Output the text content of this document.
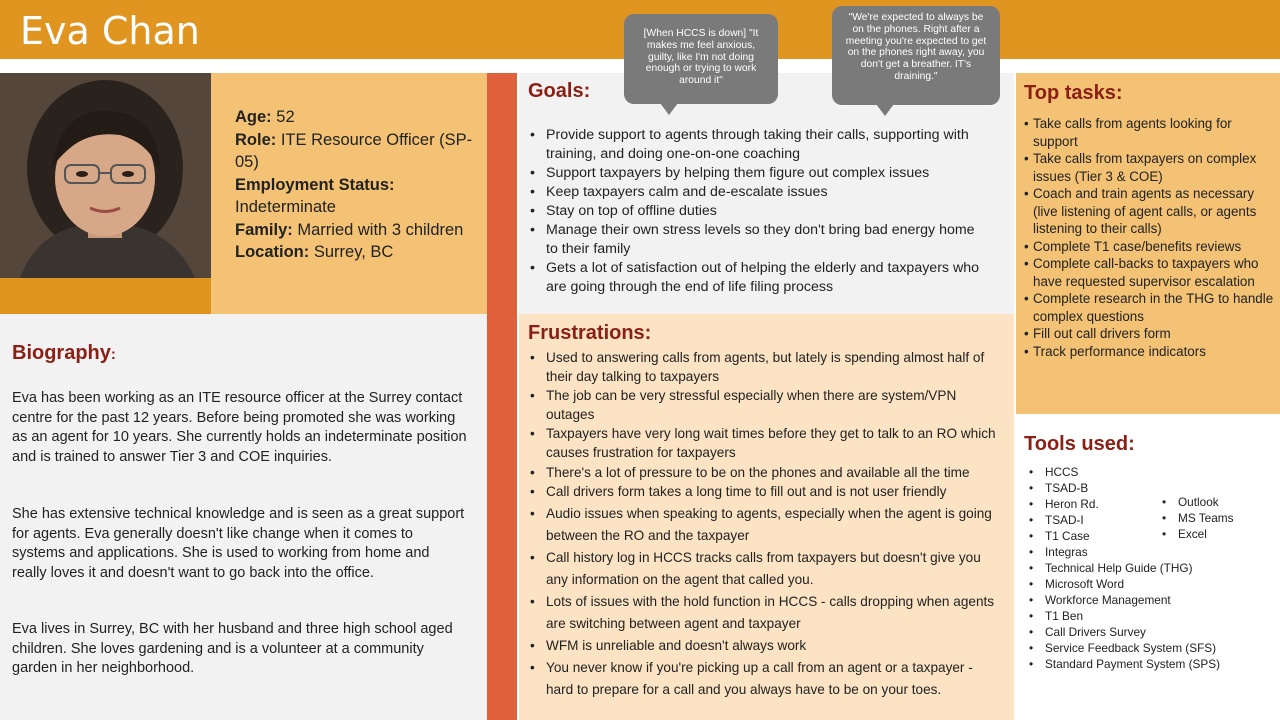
Eva Chan
Age: 52
Role: ITE Resource Officer (SP-05)
Employment Status: Indeterminate
Family: Married with 3 children
Location: Surrey, BC
Biography:
Eva has been working as an ITE resource officer at the Surrey contact centre for the past 12 years. Before being promoted she was working as an agent for 10 years. She currently holds an indeterminate position and is trained to answer Tier 3 and COE inquiries.
She has extensive technical knowledge and is seen as a great support for agents. Eva generally doesn't like change when it comes to systems and applications. She is used to working from home and really loves it and doesn't want to go back into the office.
Eva lives in Surrey, BC with her husband and three high school aged children. She loves gardening and is a volunteer at a community garden in her neighborhood.
Goals:
• Provide support to agents through taking their calls, supporting with training, and doing one-on-one coaching
• Support taxpayers by helping them figure out complex issues
• Keep taxpayers calm and de-escalate issues
• Stay on top of offline duties
• Manage their own stress levels so they don't bring bad energy home to their family
• Gets a lot of satisfaction out of helping the elderly and taxpayers who are going through the end of life filing process
Frustrations:
• Used to answering calls from agents, but lately is spending almost half of their day talking to taxpayers
• The job can be very stressful especially when there are system/VPN outages
• Taxpayers have very long wait times before they get to talk to an RO which causes frustration for taxpayers
• There's a lot of pressure to be on the phones and available all the time
• Call drivers form takes a long time to fill out and is not user friendly
• Audio issues when speaking to agents, especially when the agent is going between the RO and the taxpayer
• Call history log in HCCS tracks calls from taxpayers but doesn't give you any information on the agent that called you.
• Lots of issues with the hold function in HCCS - calls dropping when agents are switching between agent and taxpayer
• WFM is unreliable and doesn't always work
• You never know if you're picking up a call from an agent or a taxpayer - hard to prepare for a call and you always have to be on your toes.
Top tasks:
• Take calls from agents looking for support
• Take calls from taxpayers on complex issues (Tier 3 & COE)
• Coach and train agents as necessary (live listening of agent calls, or agents listening to their calls)
• Complete T1 case/benefits reviews
• Complete call-backs to taxpayers who have requested supervisor escalation
• Complete research in the THG to handle complex questions
• Fill out call drivers form
• Track performance indicators
Tools used:
• HCCS
• TSAD-B
• Heron Rd.
• TSAD-I
• T1 Case
• Integras
• Technical Help Guide (THG)
• Microsoft Word
• Workforce Management
• T1 Ben
• Call Drivers Survey
• Service Feedback System (SFS)
• Standard Payment System (SPS)
• Outlook
• MS Teams
• Excel
[When HCCS is down] "It makes me feel anxious, guilty, like I'm not doing enough or trying to work around it"
"We're expected to always be on the phones. Right after a meeting you're expected to get on the phones right away, you don't get a breather. IT's draining."
